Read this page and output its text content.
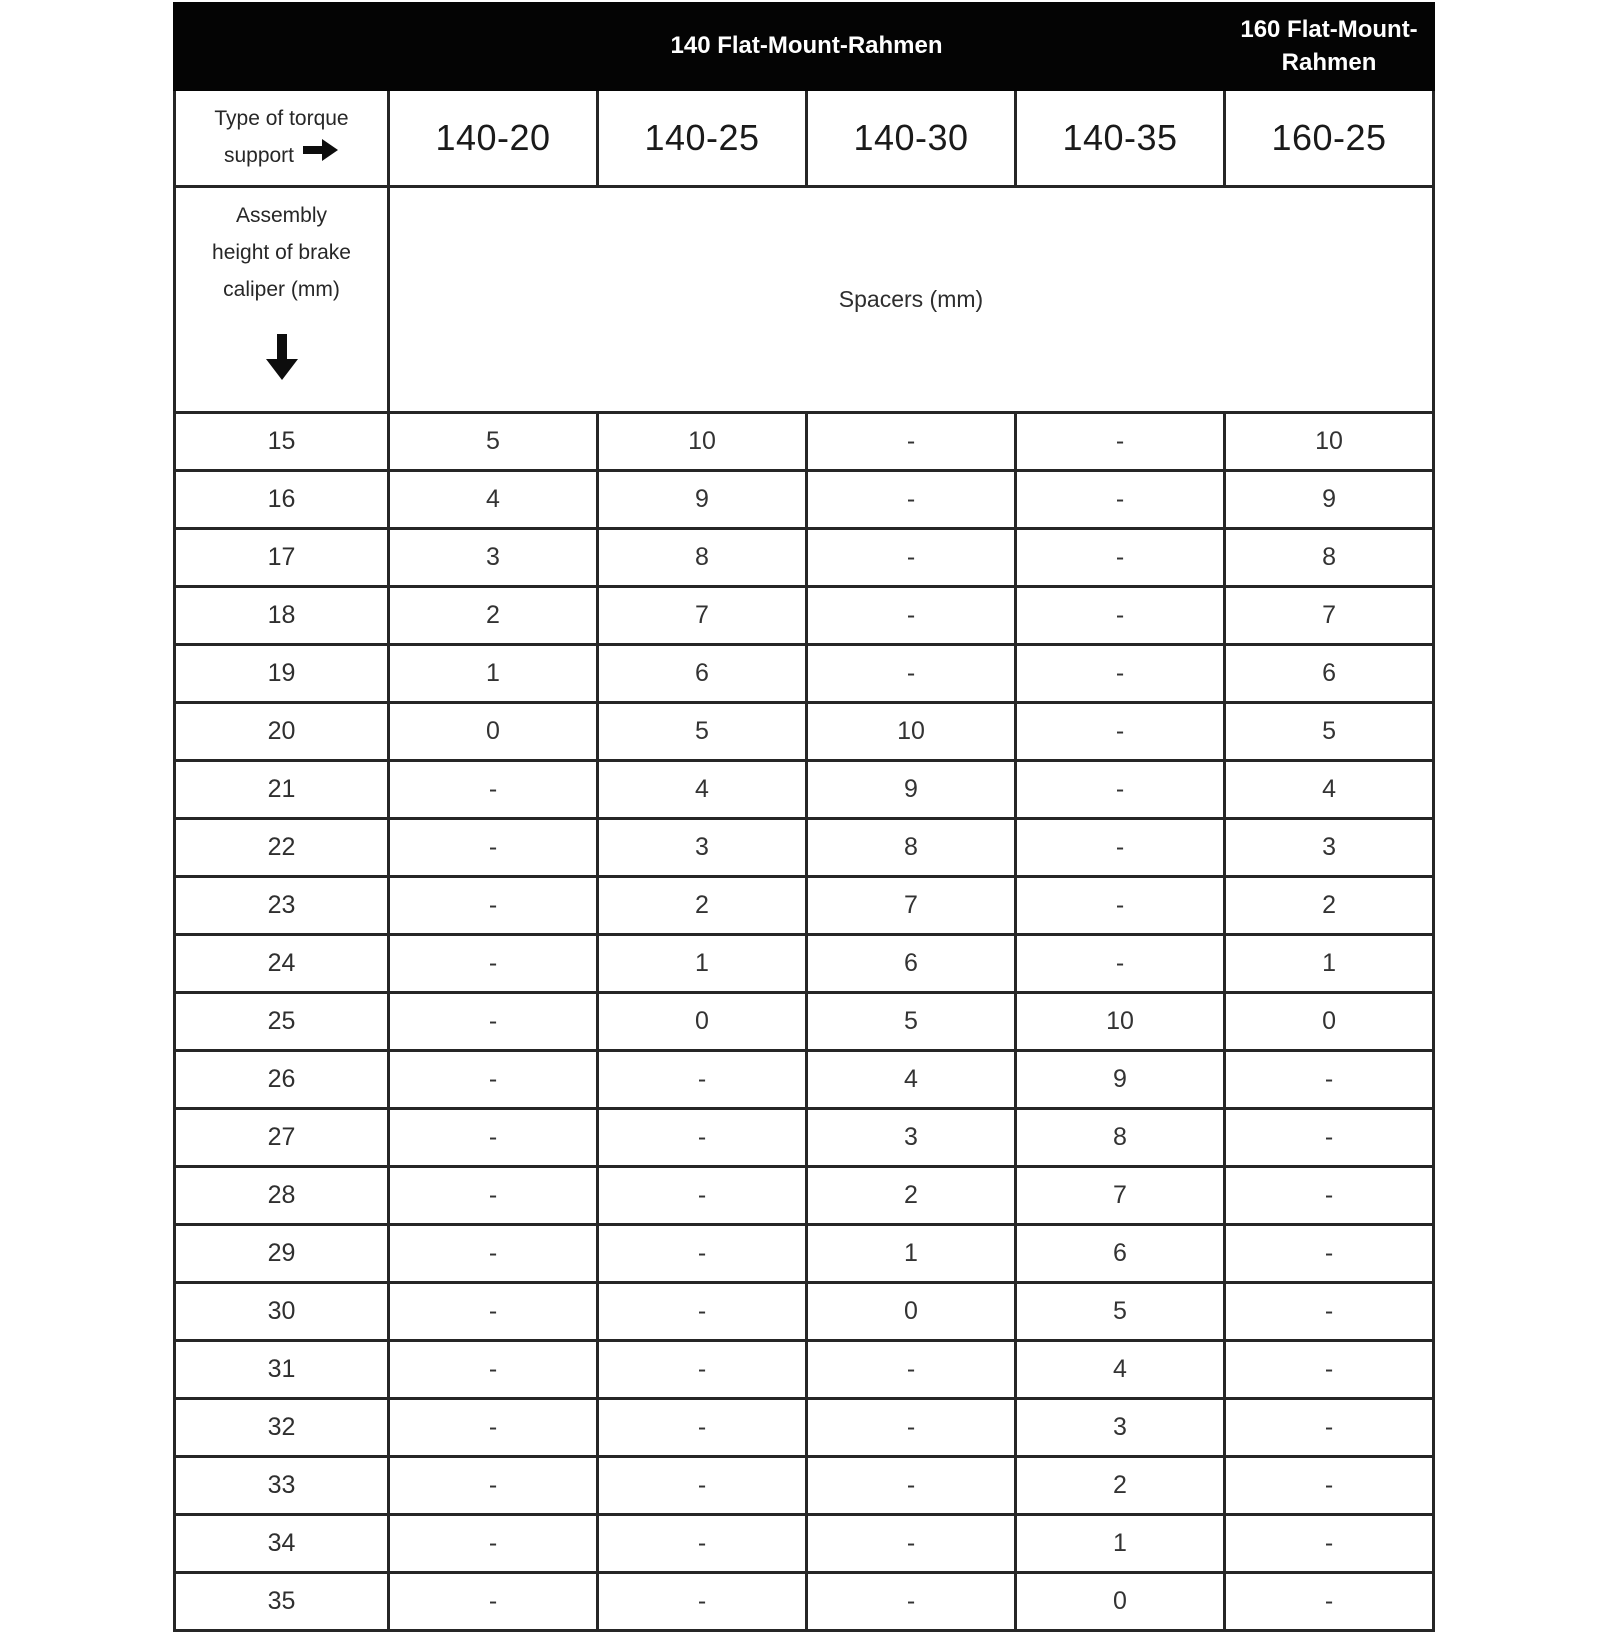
	140 Flat-Mount-Rahmen				160 Flat-Mount-Rahmen
Type of torque
support	140-20	140-25	140-30	140-35	160-25
Assembly
height of brake
caliper (mm)	Spacers (mm)				
15	5	10	-	-	10
16	4	9	-	-	9
17	3	8	-	-	8
18	2	7	-	-	7
19	1	6	-	-	6
20	0	5	10	-	5
21	-	4	9	-	4
22	-	3	8	-	3
23	-	2	7	-	2
24	-	1	6	-	1
25	-	0	5	10	0
26	-	-	4	9	-
27	-	-	3	8	-
28	-	-	2	7	-
29	-	-	1	6	-
30	-	-	0	5	-
31	-	-	-	4	-
32	-	-	-	3	-
33	-	-	-	2	-
34	-	-	-	1	-
35	-	-	-	0	-
